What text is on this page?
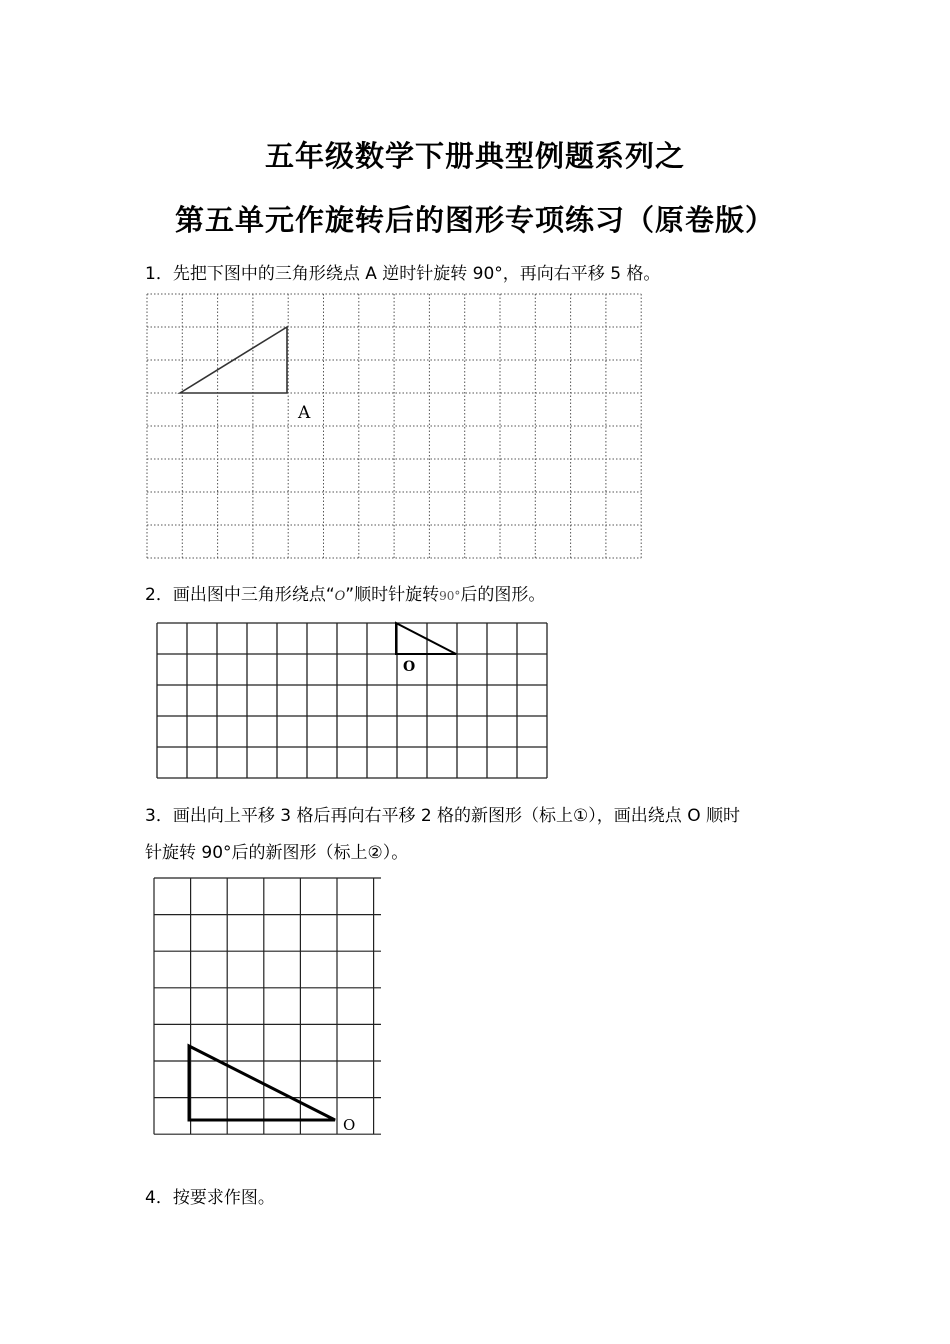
五年级数学下册典型例题系列之
第五单元作旋转后的图形专项练习（原卷版）
1．先把下图中的三角形绕点 A 逆时针旋转 90°，再向右平移 5 格。
A
2．画出图中三角形绕点“O”顺时针旋转90°后的图形。
O
3．画出向上平移 3 格后再向右平移 2 格的新图形（标上①），画出绕点 O 顺时
针旋转 90°后的新图形（标上②）。
O
4．按要求作图。
